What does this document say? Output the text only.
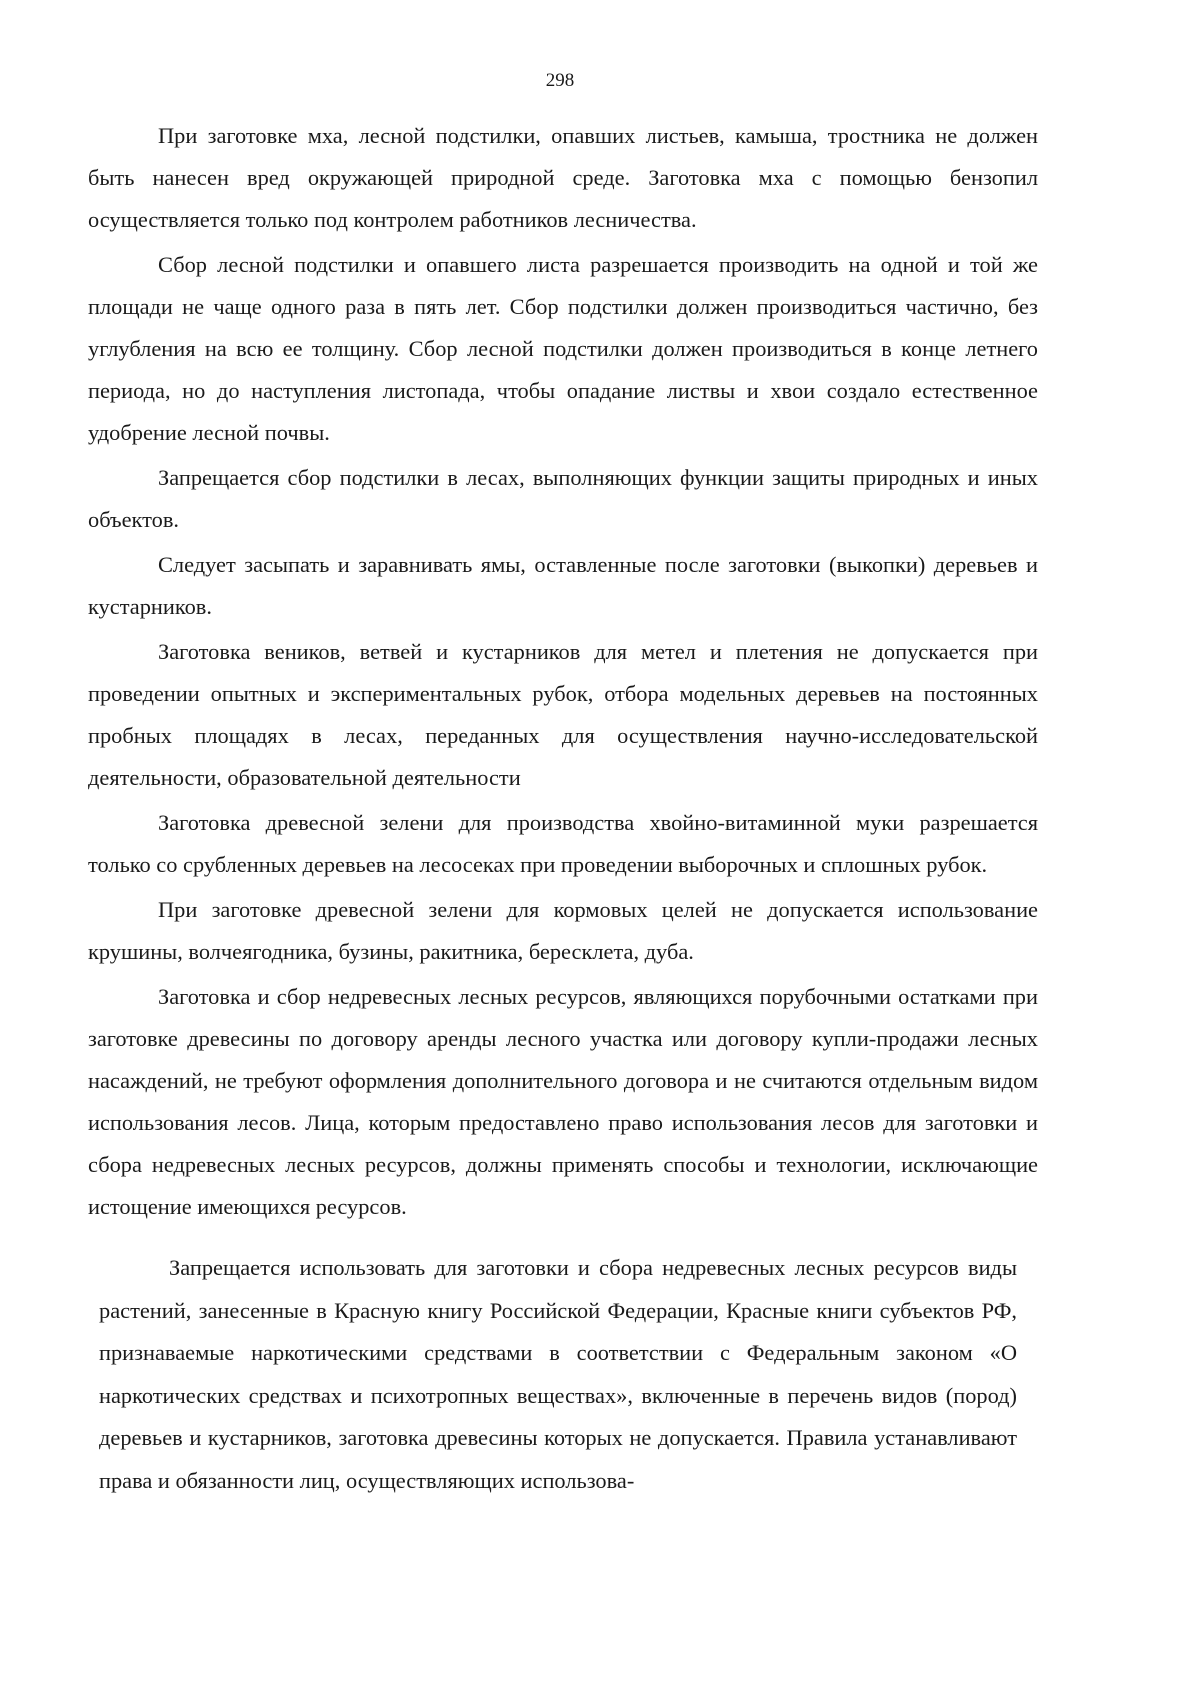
298

При заготовке мха, лесной подстилки, опавших листьев, камыша, тростника не должен быть нанесен вред окружающей природной среде. Заготовка мха с помощью бензопил осуществляется только под контролем работников лесничества.

Сбор лесной подстилки и опавшего листа разрешается производить на одной и той же площади не чаще одного раза в пять лет. Сбор подстилки должен производиться частично, без углубления на всю ее толщину. Сбор лесной подстилки должен производиться в конце летнего периода, но до наступления листопада, чтобы опадание листвы и хвои создало естественное удобрение лесной почвы.

Запрещается сбор подстилки в лесах, выполняющих функции защиты природных и иных объектов.

Следует засыпать и заравнивать ямы, оставленные после заготовки (выкопки) деревьев и кустарников.

Заготовка веников, ветвей и кустарников для метел и плетения не допускается при проведении опытных и экспериментальных рубок, отбора модельных деревьев на постоянных пробных площадях в лесах, переданных для осуществления научно-исследовательской деятельности, образовательной деятельности

Заготовка древесной зелени для производства хвойно-витаминной муки разрешается только со срубленных деревьев на лесосеках при проведении выборочных и сплошных рубок.

При заготовке древесной зелени для кормовых целей не допускается использование крушины, волчеягодника, бузины, ракитника, бересклета, дуба.

Заготовка и сбор недревесных лесных ресурсов, являющихся порубочными остатками при заготовке древесины по договору аренды лесного участка или договору купли-продажи лесных насаждений, не требуют оформления дополнительного договора и не считаются отдельным видом использования лесов. Лица, которым предоставлено право использования лесов для заготовки и сбора недревесных лесных ресурсов, должны применять способы и технологии, исключающие истощение имеющихся ресурсов.

Запрещается использовать для заготовки и сбора недревесных лесных ресурсов виды растений, занесенные в Красную книгу Российской Федерации, Красные книги субъектов РФ, признаваемые наркотическими средствами в соответствии с Федеральным законом «О наркотических средствах и психотропных веществах», включенные в перечень видов (пород) деревьев и кустарников, заготовка древесины которых не допускается. Правила устанавливают права и обязанности лиц, осуществляющих использова-
